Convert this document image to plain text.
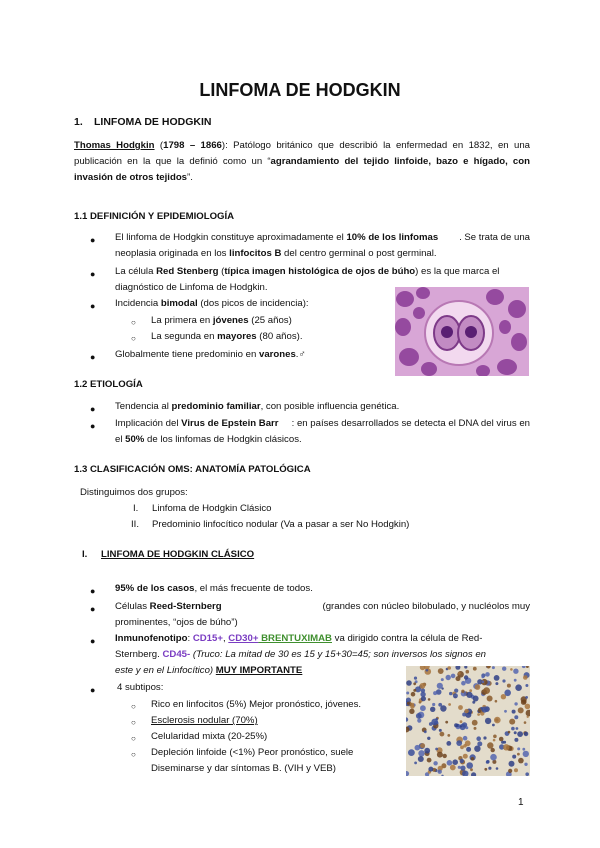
LINFOMA DE HODGKIN
1. LINFOMA DE HODGKIN
Thomas Hodgkin (1798 – 1866): Patólogo británico que describió la enfermedad en 1832, en una publicación en la que la definió como un “agrandamiento del tejido linfoide, bazo e hígado, con invasión de otros tejidos”.
1.1 DEFINICIÓN Y EPIDEMIOLOGÍA
● El linfoma de Hodgkin constituye aproximadamente el 10% de los linfomas . Se trata de una
neoplasia originada en los linfocitos B del centro germinal o post germinal.
● La célula Red Stenberg (típica imagen histológica de ojos de búho) es la que marca el
diagnóstico de Linfoma de Hodgkin.
● Incidencia bimodal (dos picos de incidencia):
○ La primera en jóvenes (25 años)
○ La segunda en mayores (80 años).
● Globalmente tiene predominio en varones.♂
1.2 ETIOLOGÍA
● Tendencia al predominio familiar, con posible influencia genética.
● Implicación del Virus de Epstein Barr : en países desarrollados se detecta el DNA del virus en
el 50% de los linfomas de Hodgkin clásicos.
1.3 CLASIFICACIÓN OMS: ANATOMÍA PATOLÓGICA
Distinguimos dos grupos:
I. Linfoma de Hodgkin Clásico
II. Predominio linfocítico nodular (Va a pasar a ser No Hodgkin)
I. LINFOMA DE HODGKIN CLÁSICO
● 95% de los casos, el más frecuente de todos.
● Células Reed-Sternberg	(grandes con núcleo bilobulado, y nucléolos muy
prominentes, “ojos de búho”)
● Inmunofenotipo: CD15+, CD30+ BRENTUXIMAB va dirigido contra la célula de Red-
Sternberg. CD45- (Truco: La mitad de 30 es 15 y 15+30=45; son inversos los signos en
este y en el Linfocítico) MUY IMPORTANTE
● 4 subtipos:
○ Rico en linfocitos (5%) Mejor pronóstico, jóvenes.
○ Esclerosis nodular (70%)
○ Celularidad mixta (20-25%)
○ Depleción linfoide (<1%) Peor pronóstico, suele
Diseminarse y dar síntomas B. (VIH y VEB)
1
